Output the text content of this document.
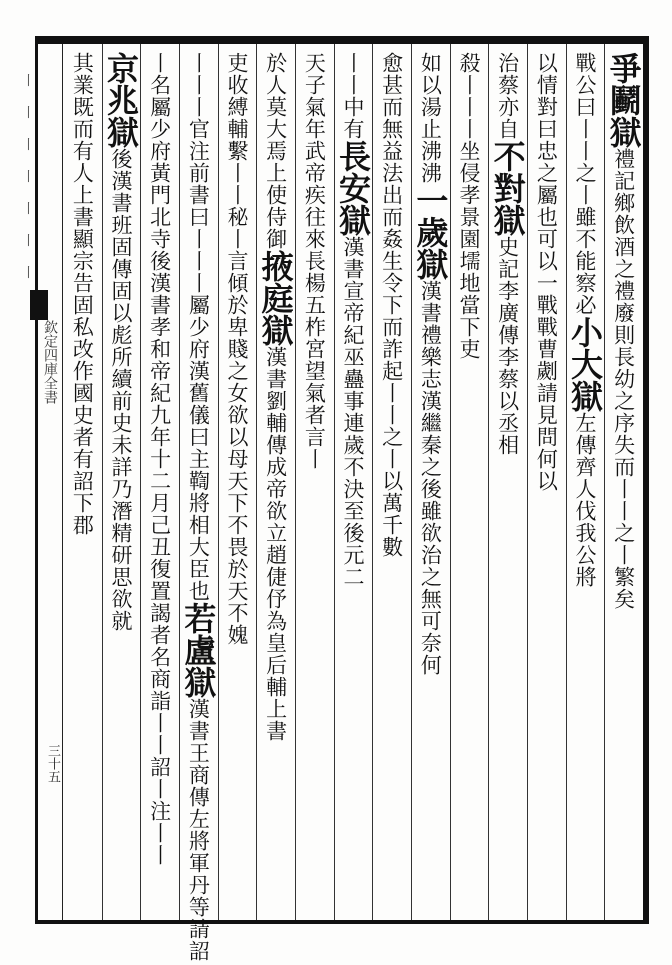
欽定四庫全書
三十五
丨
丨
丨
丨
丨
丨
丨
爭鬬獄禮記鄉飲酒之禮廢則長幼之序失而丨丨之丨繁矣
戰公曰丨丨之丨雖不能察必小大獄左傳齊人伐我公將
以情對曰忠之屬也可以一戰戰曹劌請見問何以
治蔡亦自不對獄史記李廣傳李蔡以丞相
殺丨丨丨坐侵孝景園壖地當下吏
如以湯止沸沸一歲獄漢書禮樂志漢繼秦之後雖欲治之無可奈何
愈甚而無益法出而姦生令下而詐起丨丨之丨以萬千數
丨丨中有長安獄漢書宣帝紀巫蠱事連歲不決至後元二
天子氣年武帝疾往來長楊五柞宮望氣者言丨
於人莫大焉上使侍御掖庭獄漢書劉輔傳成帝欲立趙倢伃為皇后輔上書
吏收縛輔繫丨丨秘丨言傾於卑賤之女欲以母天下不畏於天不媿
丨丨丨官注前書曰丨丨丨屬少府漢舊儀曰主鞫將相大臣也若盧獄漢書王商傳左將軍丹等請詔
丨名屬少府黃門北寺後漢書孝和帝紀九年十二月己丑復置謁者名商詣丨丨詔丨注丨丨
京兆獄後漢書班固傳固以彪所續前史未詳乃潛精研思欲就
其業既而有人上書顯宗告固私改作國史者有詔下郡
